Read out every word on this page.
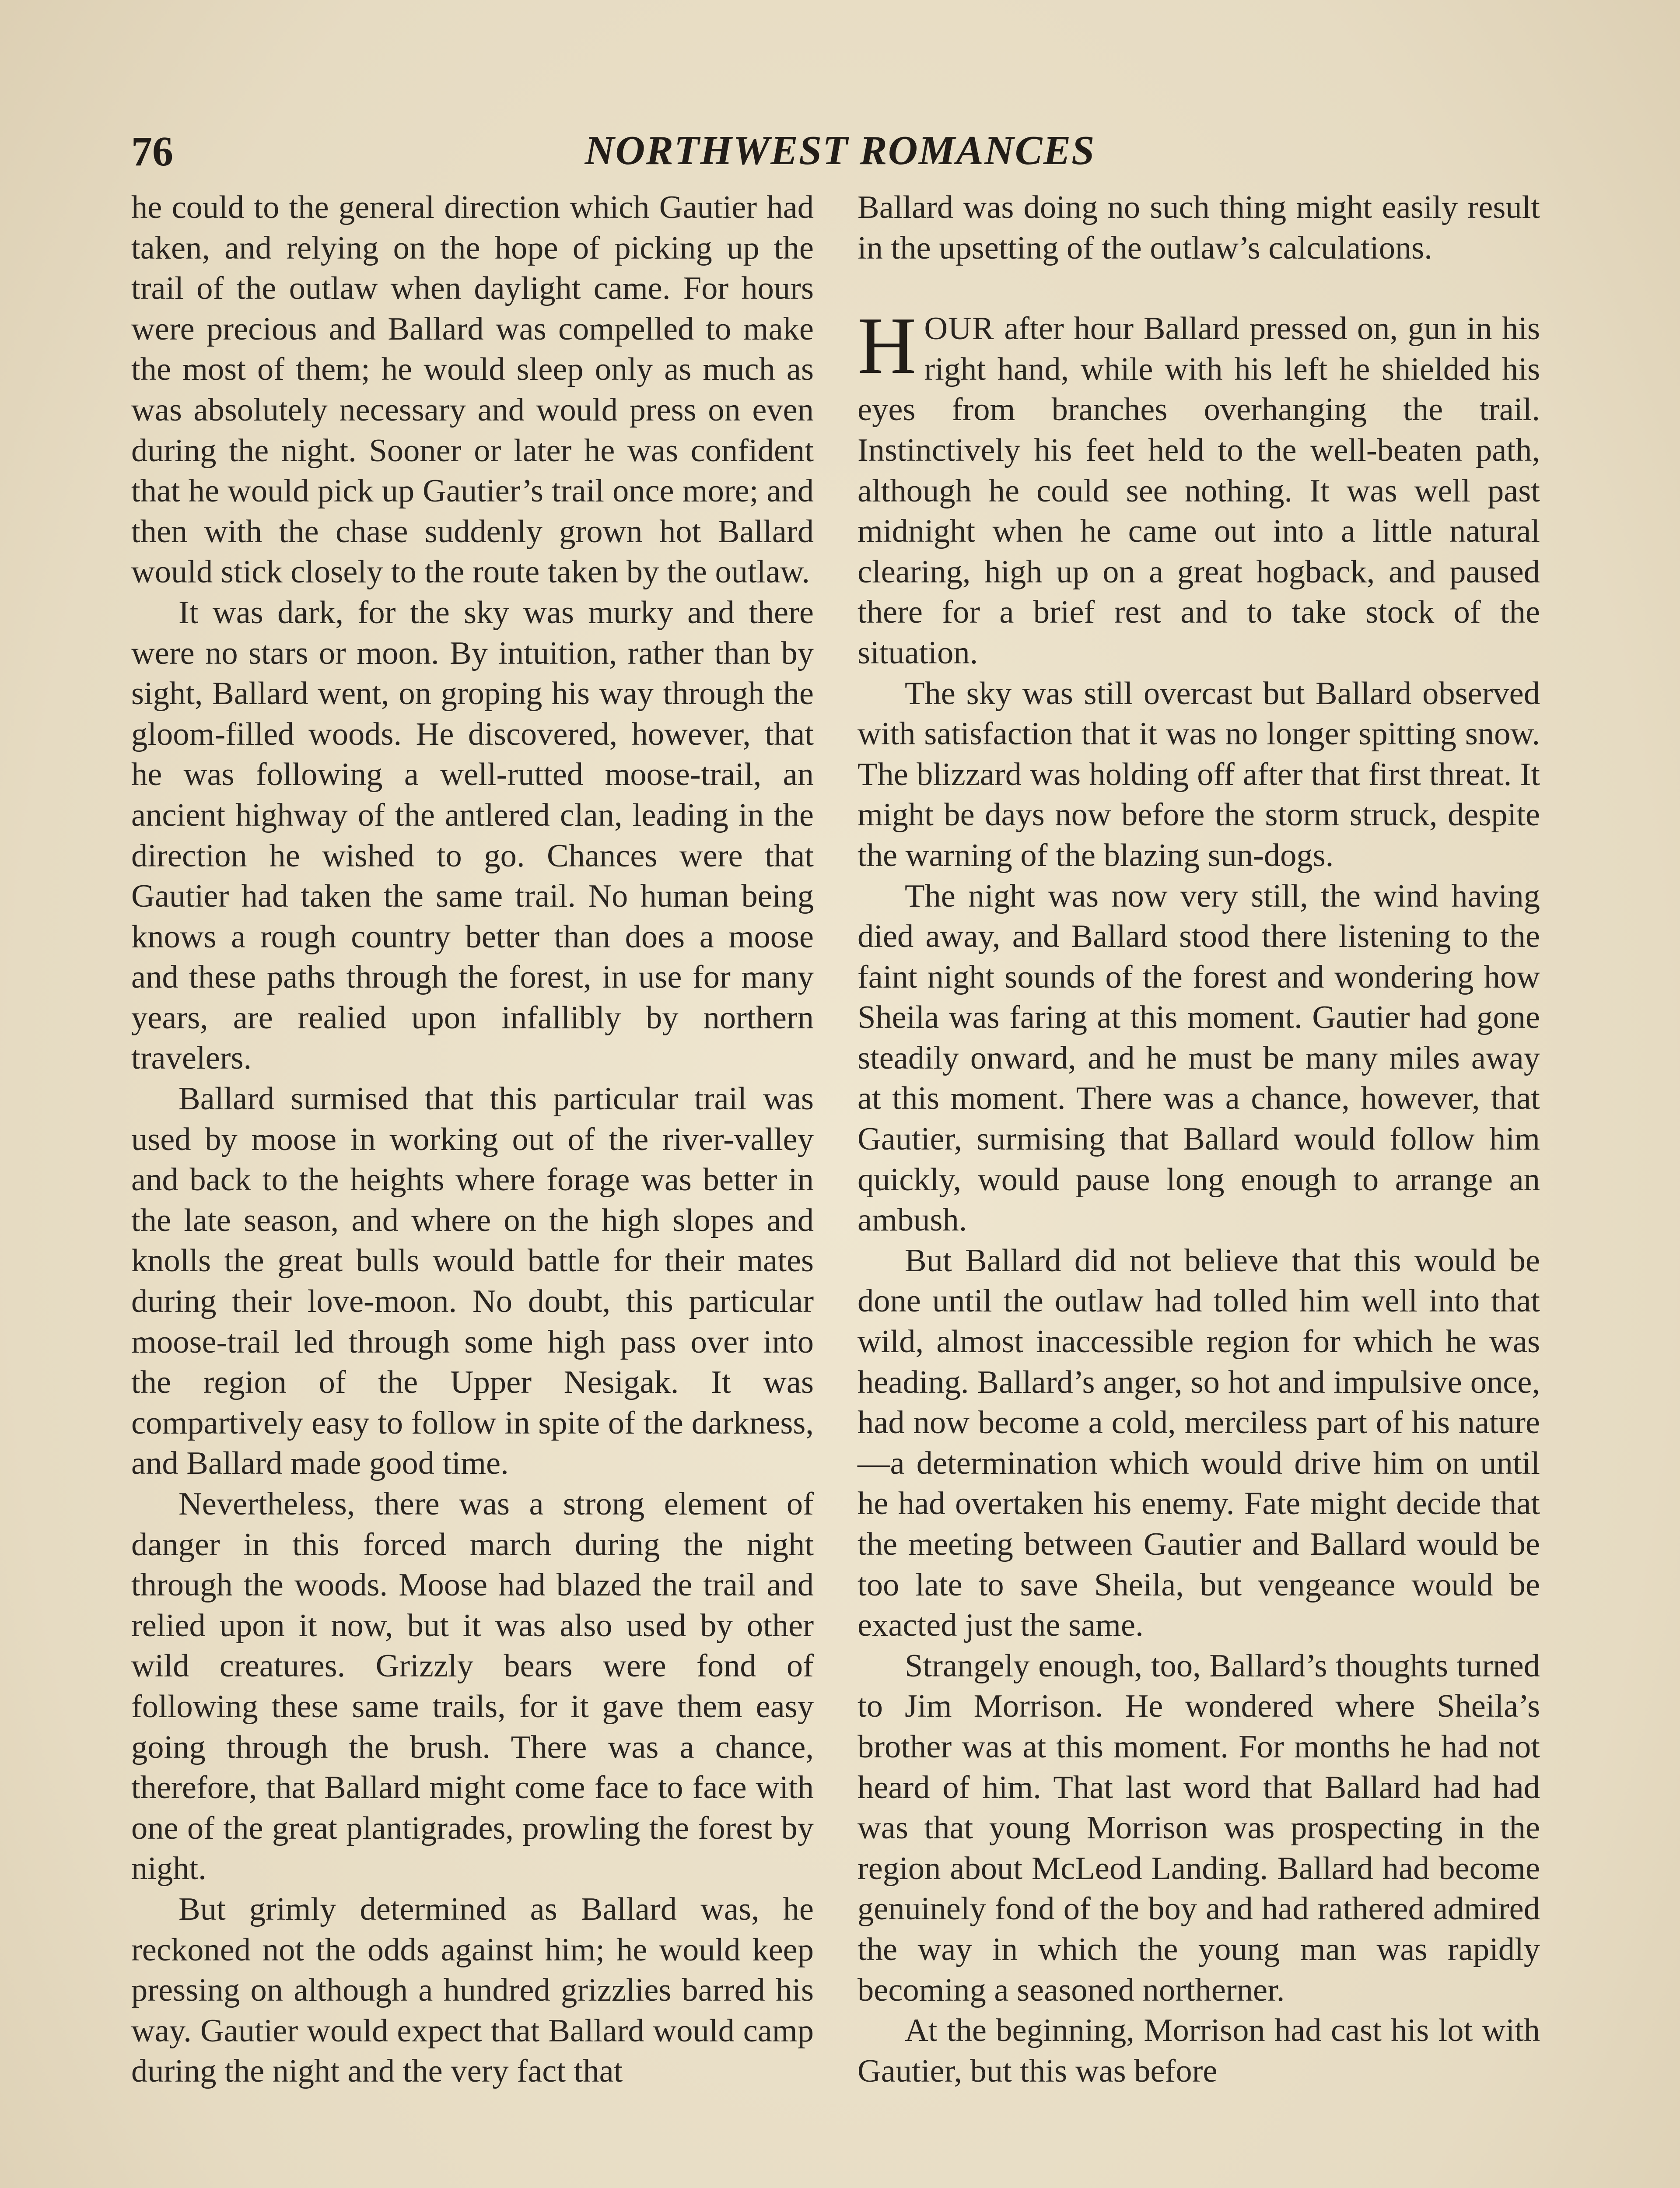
76	NORTHWEST ROMANCES

he could to the general direction which Gautier had taken, and relying on the hope of picking up the trail of the outlaw when daylight came. For hours were precious and Ballard was compelled to make the most of them; he would sleep only as much as was absolutely necessary and would press on even during the night. Sooner or later he was confident that he would pick up Gautier’s trail once more; and then with the chase suddenly grown hot Ballard would stick closely to the route taken by the outlaw.

It was dark, for the sky was murky and there were no stars or moon. By intuition, rather than by sight, Ballard went, on groping his way through the gloom-filled woods. He discovered, however, that he was following a well-rutted moose-trail, an ancient highway of the antlered clan, leading in the direction he wished to go. Chances were that Gautier had taken the same trail. No human being knows a rough country better than does a moose and these paths through the forest, in use for many years, are realied upon infallibly by northern travelers.

Ballard surmised that this particular trail was used by moose in working out of the river-valley and back to the heights where forage was better in the late season, and where on the high slopes and knolls the great bulls would battle for their mates during their love-moon. No doubt, this particular moose-trail led through some high pass over into the region of the Upper Nesigak. It was compartively easy to follow in spite of the darkness, and Ballard made good time.

Nevertheless, there was a strong element of danger in this forced march during the night through the woods. Moose had blazed the trail and relied upon it now, but it was also used by other wild creatures. Grizzly bears were fond of following these same trails, for it gave them easy going through the brush. There was a chance, therefore, that Ballard might come face to face with one of the great plantigrades, prowling the forest by night.

But grimly determined as Ballard was, he reckoned not the odds against him; he would keep pressing on although a hundred grizzlies barred his way. Gautier would expect that Ballard would camp during the night and the very fact that

Ballard was doing no such thing might easily result in the upsetting of the outlaw’s calculations.

HOUR after hour Ballard pressed on, gun in his right hand, while with his left he shielded his eyes from branches overhanging the trail. Instinctively his feet held to the well-beaten path, although he could see nothing. It was well past midnight when he came out into a little natural clearing, high up on a great hogback, and paused there for a brief rest and to take stock of the situation.

The sky was still overcast but Ballard observed with satisfaction that it was no longer spitting snow. The blizzard was holding off after that first threat. It might be days now before the storm struck, despite the warning of the blazing sun-dogs.

The night was now very still, the wind having died away, and Ballard stood there listening to the faint night sounds of the forest and wondering how Sheila was faring at this moment. Gautier had gone steadily onward, and he must be many miles away at this moment. There was a chance, however, that Gautier, surmising that Ballard would follow him quickly, would pause long enough to arrange an ambush.

But Ballard did not believe that this would be done until the outlaw had tolled him well into that wild, almost inaccessible region for which he was heading. Ballard’s anger, so hot and impulsive once, had now become a cold, merciless part of his nature—a determination which would drive him on until he had overtaken his enemy. Fate might decide that the meeting between Gautier and Ballard would be too late to save Sheila, but vengeance would be exacted just the same.

Strangely enough, too, Ballard’s thoughts turned to Jim Morrison. He wondered where Sheila’s brother was at this moment. For months he had not heard of him. That last word that Ballard had had was that young Morrison was prospecting in the region about McLeod Landing. Ballard had become genuinely fond of the boy and had rathered admired the way in which the young man was rapidly becoming a seasoned northerner.

At the beginning, Morrison had cast his lot with Gautier, but this was before
